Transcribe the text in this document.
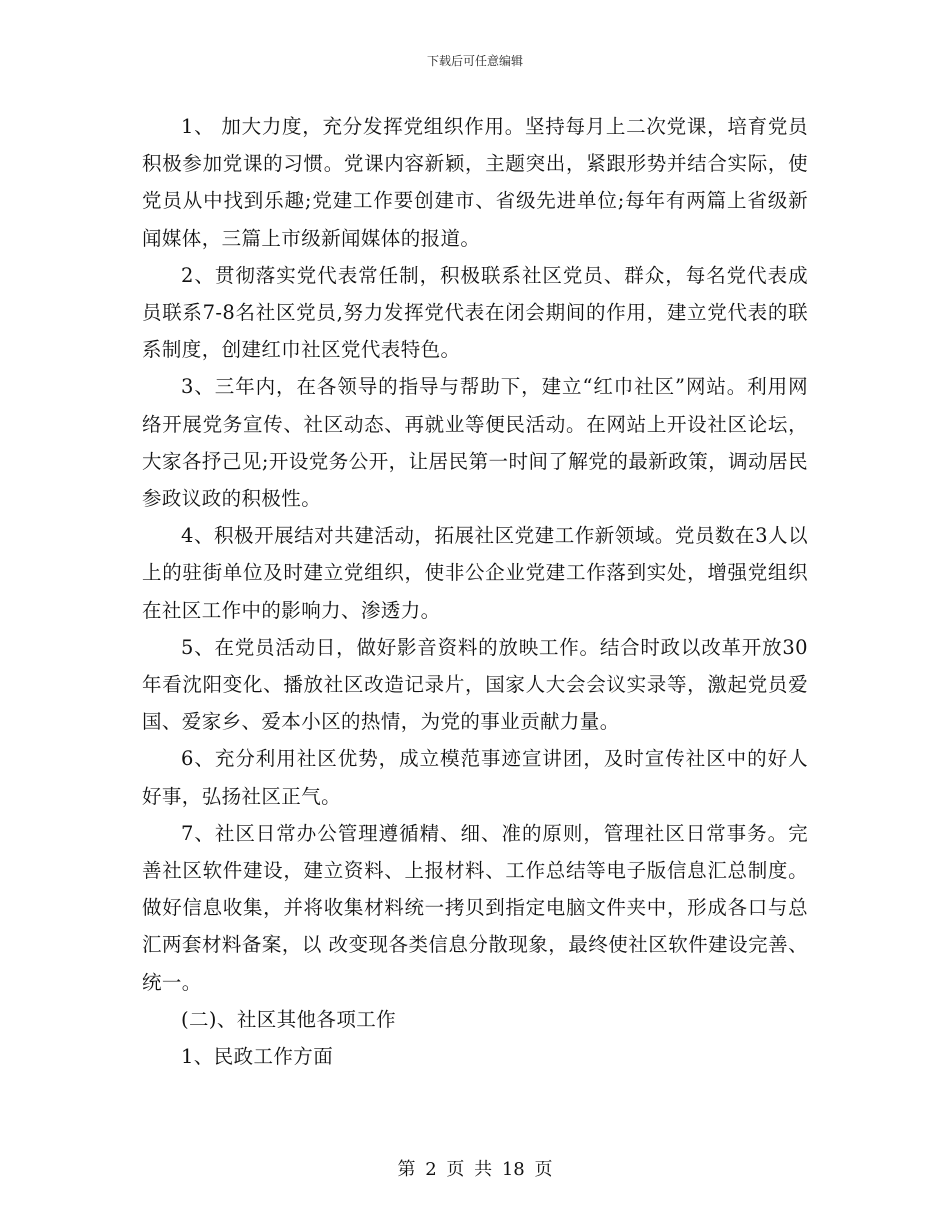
下载后可任意编辑

1、 加大力度，充分发挥党组织作用。坚持每月上二次党课，培育党员积极参加党课的习惯。党课内容新颖，主题突出，紧跟形势并结合实际，使党员从中找到乐趣;党建工作要创建市、省级先进单位;每年有两篇上省级新闻媒体，三篇上市级新闻媒体的报道。

2、贯彻落实党代表常任制，积极联系社区党员、群众，每名党代表成员联系7-8名社区党员,努力发挥党代表在闭会期间的作用，建立党代表的联系制度，创建红巾社区党代表特色。

3、三年内，在各领导的指导与帮助下，建立“红巾社区”网站。利用网络开展党务宣传、社区动态、再就业等便民活动。在网站上开设社区论坛，大家各抒己见;开设党务公开，让居民第一时间了解党的最新政策，调动居民参政议政的积极性。

4、积极开展结对共建活动，拓展社区党建工作新领域。党员数在3人以上的驻街单位及时建立党组织，使非公企业党建工作落到实处，增强党组织在社区工作中的影响力、渗透力。

5、在党员活动日，做好影音资料的放映工作。结合时政以改革开放30年看沈阳变化、播放社区改造记录片，国家人大会会议实录等，激起党员爱国、爱家乡、爱本小区的热情，为党的事业贡献力量。

6、充分利用社区优势，成立模范事迹宣讲团，及时宣传社区中的好人好事，弘扬社区正气。

7、社区日常办公管理遵循精、细、准的原则，管理社区日常事务。完善社区软件建设，建立资料、上报材料、工作总结等电子版信息汇总制度。做好信息收集，并将收集材料统一拷贝到指定电脑文件夹中，形成各口与总汇两套材料备案，以 改变现各类信息分散现象，最终使社区软件建设完善、统一。

(二)、社区其他各项工作

1、民政工作方面

第 2 页 共 18 页
